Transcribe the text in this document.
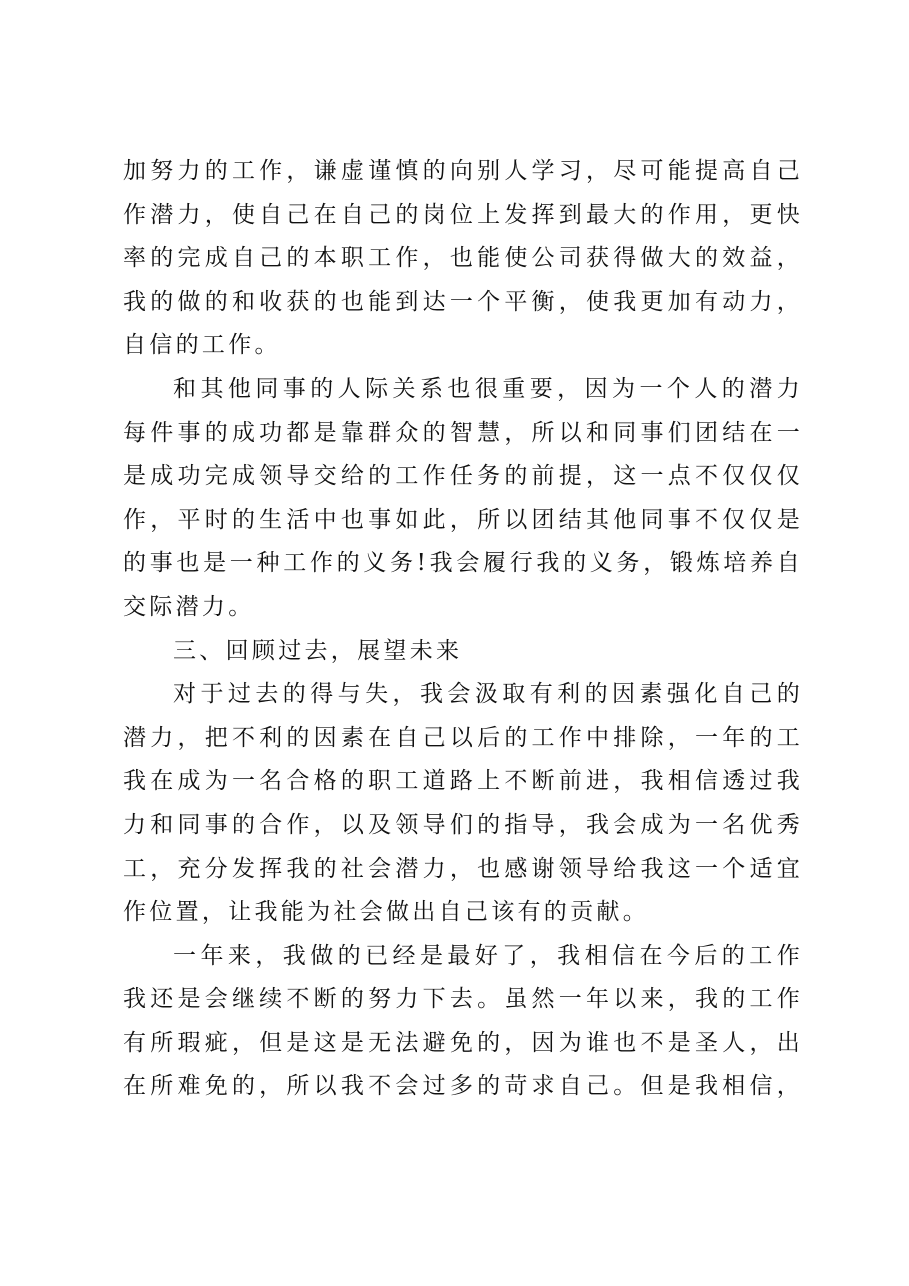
加努力的工作，谦虚谨慎的向别人学习，尽可能提高自己
作潜力，使自己在自己的岗位上发挥到最大的作用，更快
率的完成自己的本职工作，也能使公司获得做大的效益，
我的做的和收获的也能到达一个平衡，使我更加有动力，
自信的工作。
和其他同事的人际关系也很重要，因为一个人的潜力
每件事的成功都是靠群众的智慧，所以和同事们团结在一
是成功完成领导交给的工作任务的前提，这一点不仅仅仅
作，平时的生活中也事如此，所以团结其他同事不仅仅是
的事也是一种工作的义务!我会履行我的义务，锻炼培养自
交际潜力。
三、回顾过去，展望未来
对于过去的得与失，我会汲取有利的因素强化自己的
潜力，把不利的因素在自己以后的工作中排除，一年的工
我在成为一名合格的职工道路上不断前进，我相信透过我
力和同事的合作，以及领导们的指导，我会成为一名优秀
工，充分发挥我的社会潜力，也感谢领导给我这一个适宜
作位置，让我能为社会做出自己该有的贡献。
一年来，我做的已经是最好了，我相信在今后的工作
我还是会继续不断的努力下去。虽然一年以来，我的工作
有所瑕疵，但是这是无法避免的，因为谁也不是圣人，出
在所难免的，所以我不会过多的苛求自己。但是我相信，
